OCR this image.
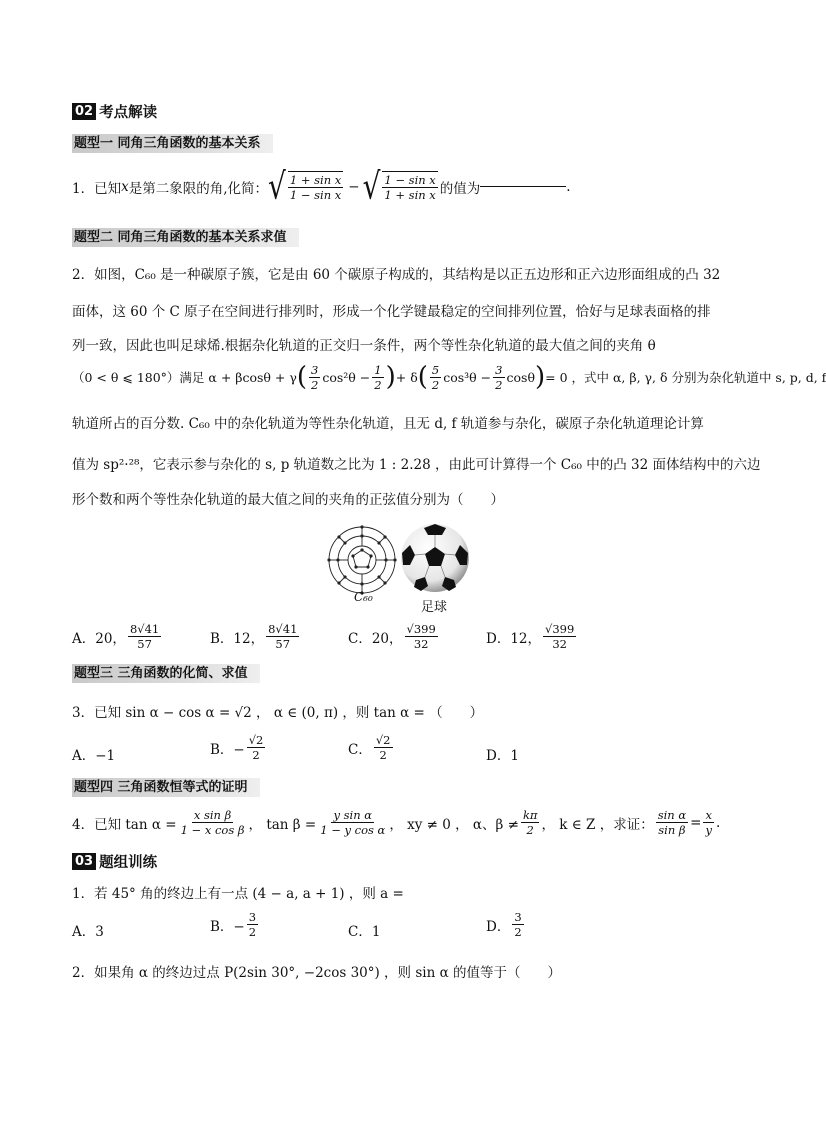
02 考点解读
题型一 同角三角函数的基本关系
1．已知 x 是第二象限的角,化简： √ $\frac{\text{1 + sin x}}{\text{1 − sin x}}$ − √ $\frac{\text{1 − sin x}}{\text{1 + sin x}}$ 的值为	.
题型二 同角三角函数的基本关系求值
2．如图，C₆₀ 是一种碳原子簇，它是由 60 个碳原子构成的，其结构是以正五边形和正六边形面组成的凸 32
面体，这 60 个 C 原子在空间进行排列时，形成一个化学键最稳定的空间排列位置，恰好与足球表面格的排
列一致，因此也叫足球烯.根据杂化轨道的正交归一条件，两个等性杂化轨道的最大值之间的夹角 θ
（0 < θ ⩽ 180°）满足 α + βcosθ + γ ( $\frac{3}{2} \cos^2\theta - \frac{1}{2}$ ) + δ ( $\frac{5}{2} \cos^3\theta - \frac{3}{2}$ cosθ ) = 0 ，式中 α, β, γ, δ 分别为杂化轨道中 s, p, d, f
轨道所占的百分数. C₆₀ 中的杂化轨道为等性杂化轨道，且无 d, f 轨道参与杂化，碳原子杂化轨道理论计算
值为 sp²·²⁸，它表示参与杂化的 s, p 轨道数之比为 1 : 2.28 ，由此可计算得一个 C₆₀ 中的凸 32 面体结构中的六边
形个数和两个等性杂化轨道的最大值之间的夹角的正弦值分别为（　　）
C₆₀
足球
A．20， $\frac{8√41}{57}$	B．12， $\frac{8√41}{57}$	C．20， $\frac{√399}{32}$	D．12， $\frac{√399}{32}$
题型三 三角函数的化简、求值
3．已知 sin α − cos α = √2 ， α ∈ (0, π) ，则 tan α = （　　）
A．−1	B．− $\frac{√2}{2}$	C． $\frac{√2}{2}$	D．1
题型四 三角函数恒等式的证明
4．已知 $\tan \alpha = \frac{\text{x sin β}}{\text{1 − x cos β}}$ ， $\tan \beta = \frac{\text{y sin α}}{\text{1 − y cos α}}$ ， xy ≠ 0 ， α、$\beta \ne \frac{k\pi}{2}$ ， k ∈ Z ，求证： $\frac{\text{sin α}}{\text{sin β}} = \frac{x}{y}$ .
03 题组训练
1．若 45° 角的终边上有一点 (4 − a, a + 1) ，则 a =
A．3	B．− $\frac{3}{2}$	C．1	D． $\frac{3}{2}$
2．如果角 α 的终边过点 P(2sin 30°, −2cos 30°) ，则 sin α 的值等于（　　）
